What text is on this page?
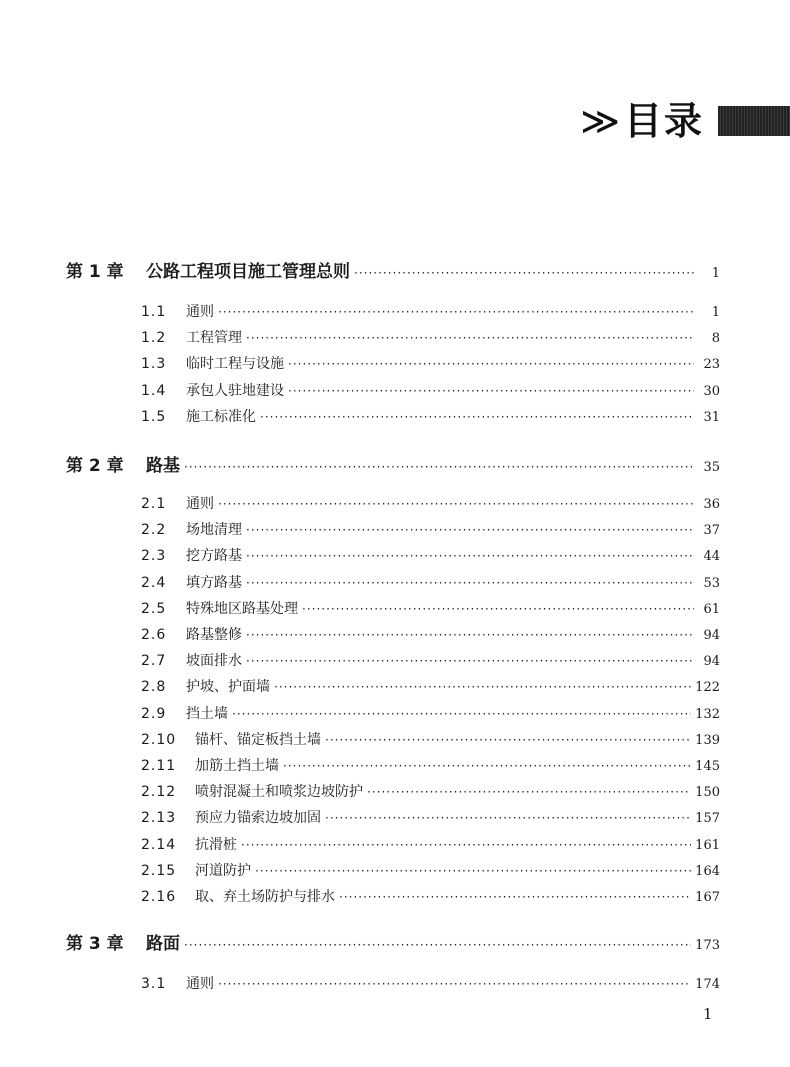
≫ 目录
第 1 章	公路工程项目施工管理总则 ·····	1
1.1	通则 ·····	1
1.2	工程管理 ·····	8
1.3	临时工程与设施 ·····	23
1.4	承包人驻地建设 ·····	30
1.5	施工标准化 ·····	31
第 2 章	路基 ·····	35
2.1	通则 ·····	36
2.2	场地清理 ·····	37
2.3	挖方路基 ·····	44
2.4	填方路基 ·····	53
2.5	特殊地区路基处理 ·····	61
2.6	路基整修 ·····	94
2.7	坡面排水 ·····	94
2.8	护坡、护面墙 ·····	122
2.9	挡土墙 ·····	132
2.10	锚杆、锚定板挡土墙 ·····	139
2.11	加筋土挡土墙 ·····	145
2.12	喷射混凝土和喷浆边坡防护 ·····	150
2.13	预应力锚索边坡加固 ·····	157
2.14	抗滑桩 ·····	161
2.15	河道防护 ·····	164
2.16	取、弃土场防护与排水 ·····	167
第 3 章	路面 ·····	173
3.1	通则 ·····	174
1
